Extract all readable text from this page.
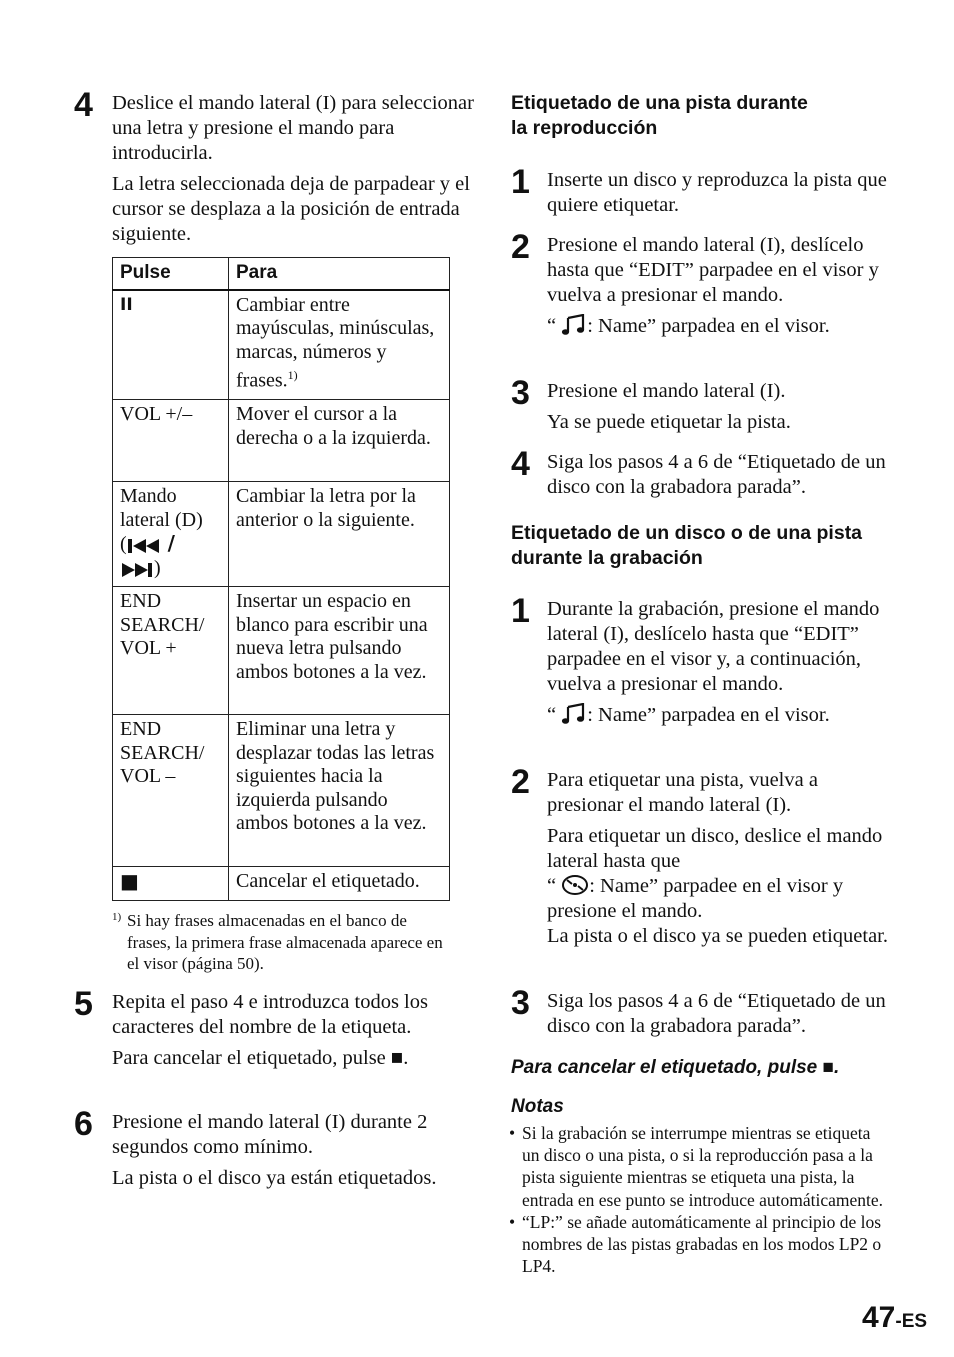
4 Deslice el mando lateral (I) para seleccionar una letra y presione el mando para introducirla.

La letra seleccionada deja de parpadear y el cursor se desplaza a la posición de entrada siguiente.

Pulse	Para
II	Cambiar entre mayúsculas, minúsculas, marcas, números y frases.$^{1)}$
VOL +/–	Mover el cursor a la derecha o a la izquierda.
Mando lateral (D)
( /
)	Cambiar la letra por la anterior o la siguiente.
END SEARCH/ VOL +	Insertar un espacio en blanco para escribir una nueva letra pulsando ambos botones a la vez.
END SEARCH/ VOL –	Eliminar una letra y desplazar todas las letras siguientes hacia la izquierda pulsando ambos botones a la vez.
■	Cancelar el etiquetado.
1) Si hay frases almacenadas en el banco de frases, la primera frase almacenada aparece en el visor (página 50).
5 Repita el paso 4 e introduzca todos los caracteres del nombre de la etiqueta.

Para cancelar el etiquetado, pulse ■.

6 Presione el mando lateral (I) durante 2 segundos como mínimo.

La pista o el disco ya están etiquetados.

Etiquetado de una pista durante la reproducción
1 Inserte un disco y reproduzca la pista que quiere etiquetar.

2 Presione el mando lateral (I), deslícelo hasta que “EDIT” parpadee en el visor y vuelva a presionar el mando.

“ : Name” parpadea en el visor.

3 Presione el mando lateral (I).

Ya se puede etiquetar la pista.

4 Siga los pasos 4 a 6 de “Etiquetado de un disco con la grabadora parada”.

Etiquetado de un disco o de una pista durante la grabación
1 Durante la grabación, presione el mando lateral (I), deslícelo hasta que “EDIT” parpadee en el visor y, a continuación, vuelva a presionar el mando.

“ : Name” parpadea en el visor.

2 Para etiquetar una pista, vuelva a presionar el mando lateral (I).

Para etiquetar un disco, deslice el mando lateral hasta que
“ : Name” parpadee en el visor y presione el mando.
La pista o el disco ya se pueden etiquetar.

3 Siga los pasos 4 a 6 de “Etiquetado de un disco con la grabadora parada”.

Para cancelar el etiquetado, pulse ■.
Notas
• Si la grabación se interrumpe mientras se etiqueta un disco o una pista, o si la reproducción pasa a la pista siguiente mientras se etiqueta una pista, la entrada en ese punto se introduce automáticamente.
• “LP:” se añade automáticamente al principio de los nombres de las pistas grabadas en los modos LP2 o LP4.
47-ES
